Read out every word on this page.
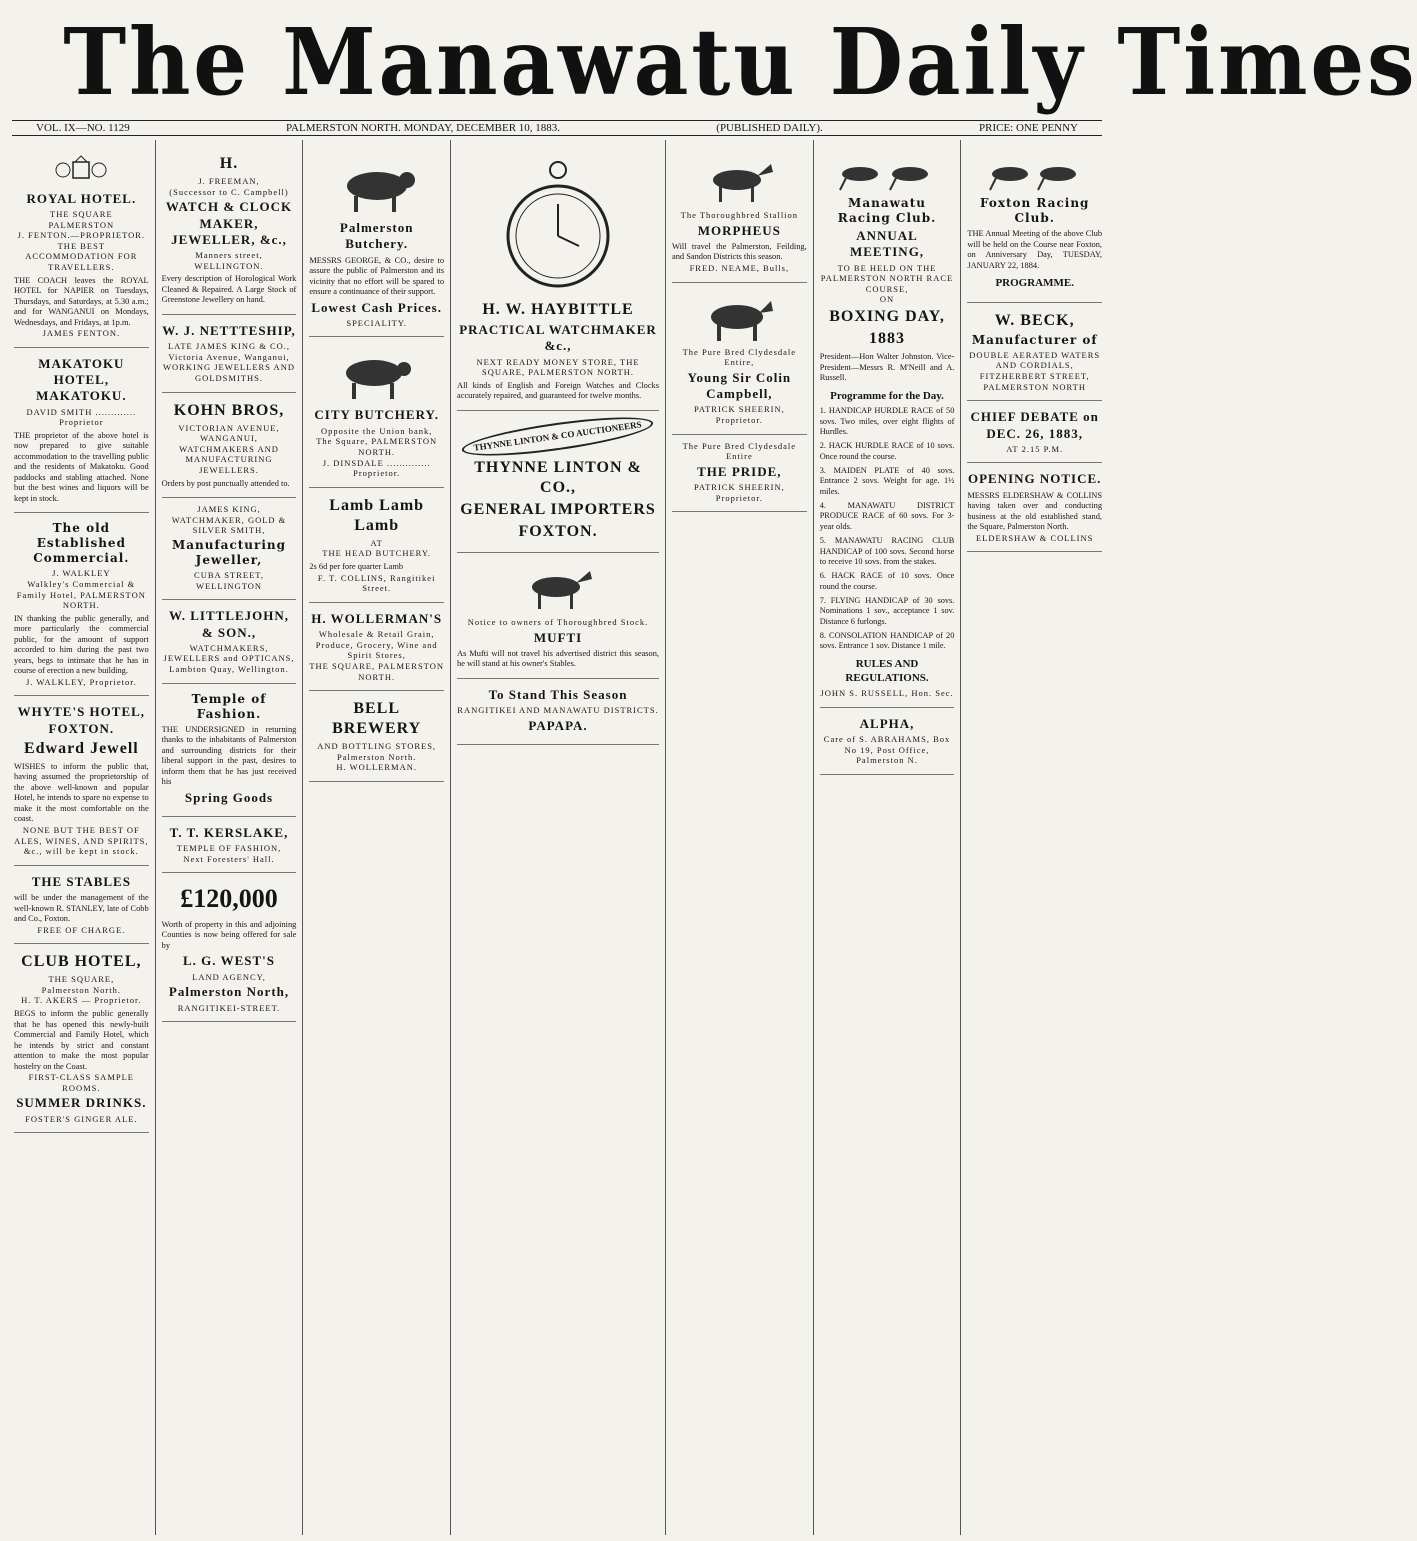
The Manawatu Daily Times
VOL. IX—NO. 1129	PALMERSTON NORTH. MONDAY, DECEMBER 10, 1883.	(PUBLISHED DAILY).	PRICE: ONE PENNY
ROYAL HOTEL.
THE SQUARE
PALMERSTON
J. FENTON.—PROPRIETOR.
THE BEST ACCOMMODATION FOR TRAVELLERS.
THE COACH leaves the ROYAL HOTEL for NAPIER on Tuesdays, Thursdays, and Saturdays, at 5.30 a.m.; and for WANGANUI on Mondays, Wednesdays, and Fridays, at 1p.m.
JAMES FENTON.
MAKATOKU HOTEL, MAKATOKU.
DAVID SMITH ............. Proprietor
THE proprietor of the above hotel is now prepared to give suitable accommodation to the travelling public and the residents of Makatoku. Good paddocks and stabling attached. None but the best wines and liquors will be kept in stock.
The old Established Commercial.
J. WALKLEY
Walkley's Commercial & Family Hotel, PALMERSTON NORTH.
IN thanking the public generally, and more particularly the commercial public, for the amount of support accorded to him during the past two years, begs to intimate that he has in course of erection a new building.
J. WALKLEY, Proprietor.
WHYTE'S HOTEL, FOXTON.
Edward Jewell
WISHES to inform the public that, having assumed the proprietorship of the above well-known and popular Hotel, he intends to spare no expense to make it the most comfortable on the coast.
NONE BUT THE BEST OF ALES, WINES, AND SPIRITS, &c., will be kept in stock.
THE STABLES
will be under the management of the well-known R. STANLEY, late of Cobb and Co., Foxton.
FREE OF CHARGE.
CLUB HOTEL,
THE SQUARE,
Palmerston North.
H. T. AKERS — Proprietor.
BEGS to inform the public generally that he has opened this newly-built Commercial and Family Hotel, which he intends by strict and constant attention to make the most popular hostelry on the Coast.
FIRST-CLASS SAMPLE ROOMS.
SUMMER DRINKS.
FOSTER'S GINGER ALE.
H.
J. FREEMAN,
(Successor to C. Campbell)
WATCH & CLOCK MAKER, JEWELLER, &c.,
Manners street, WELLINGTON.
Every description of Horological Work Cleaned & Repaired. A Large Stock of Greenstone Jewellery on hand.
W. J. NETTTESHIP,
LATE JAMES KING & CO.,
Victoria Avenue, Wanganui,
WORKING JEWELLERS AND GOLDSMITHS.
KOHN BROS,
VICTORIAN AVENUE, WANGANUI,
WATCHMAKERS AND MANUFACTURING JEWELLERS.
Orders by post punctually attended to.
JAMES KING, WATCHMAKER, GOLD & SILVER SMITH,
Manufacturing Jeweller,
CUBA STREET, WELLINGTON
W. LITTLEJOHN, & SON.,
WATCHMAKERS, JEWELLERS and OPTICANS,
Lambton Quay, Wellington.
Temple of Fashion.
THE UNDERSIGNED in returning thanks to the inhabitants of Palmerston and surrounding districts for their liberal support in the past, desires to inform them that he has just received his
Spring Goods
T. T. KERSLAKE,
TEMPLE OF FASHION,
Next Foresters' Hall.
£120,000
Worth of property in this and adjoining Counties is now being offered for sale by
L. G. WEST'S
LAND AGENCY,
Palmerston North,
RANGITIKEI-STREET.
Palmerston Butchery.
MESSRS GEORGE, & CO., desire to assure the public of Palmerston and its vicinity that no effort will be spared to ensure a continuance of their support.
Lowest Cash Prices.
SPECIALITY.
CITY BUTCHERY.
Opposite the Union bank,
The Square, PALMERSTON NORTH.
J. DINSDALE .............. Proprietor.
Lamb Lamb Lamb
AT
THE HEAD BUTCHERY.
2s 6d per fore quarter Lamb
F. T. COLLINS, Rangitikei Street.
H. WOLLERMAN'S
Wholesale & Retail Grain, Produce, Grocery, Wine and Spirit Stores,
THE SQUARE, PALMERSTON NORTH.
BELL BREWERY
AND BOTTLING STORES, Palmerston North.
H. WOLLERMAN.
H. W. HAYBITTLE
PRACTICAL WATCHMAKER &c.,
NEXT READY MONEY STORE, THE SQUARE, PALMERSTON NORTH.
All kinds of English and Foreign Watches and Clocks accurately repaired, and guaranteed for twelve months.
THYNNE LINTON & CO AUCTIONEERS
THYNNE LINTON & CO.,
GENERAL IMPORTERS
FOXTON.
Notice to owners of Thoroughbred Stock.
MUFTI
As Mufti will not travel his advertised district this season, he will stand at his owner's Stables.
To Stand This Season
RANGITIKEI AND MANAWATU DISTRICTS.
PAPAPA.
The Thoroughbred Stallion
MORPHEUS
Will travel the Palmerston, Feilding, and Sandon Districts this season.
FRED. NEAME, Bulls,
The Pure Bred Clydesdale Entire,
Young Sir Colin Campbell,
PATRICK SHEERIN, Proprietor.
The Pure Bred Clydesdale Entire
THE PRIDE,
PATRICK SHEERIN, Proprietor.
Manawatu Racing Club.
ANNUAL MEETING,
TO BE HELD ON THE PALMERSTON NORTH RACE COURSE,
ON
BOXING DAY,
1883
President—Hon Walter Johnston. Vice-President—Messrs R. M'Neill and A. Russell.
Programme for the Day.

1. HANDICAP HURDLE RACE of 50 sovs. Two miles, over eight flights of Hurdles.

2. HACK HURDLE RACE of 10 sovs. Once round the course.

3. MAIDEN PLATE of 40 sovs. Entrance 2 sovs. Weight for age. 1½ miles.

4. MANAWATU DISTRICT PRODUCE RACE of 60 sovs. For 3-year olds.

5. MANAWATU RACING CLUB HANDICAP of 100 sovs. Second horse to receive 10 sovs. from the stakes.

6. HACK RACE of 10 sovs. Once round the course.

7. FLYING HANDICAP of 30 sovs. Nominations 1 sov., acceptance 1 sov. Distance 6 furlongs.

8. CONSOLATION HANDICAP of 20 sovs. Entrance 1 sov. Distance 1 mile.

RULES AND REGULATIONS.
JOHN S. RUSSELL, Hon. Sec.
ALPHA,
Care of S. ABRAHAMS, Box No 19, Post Office, Palmerston N.
Foxton Racing Club.
THE Annual Meeting of the above Club will be held on the Course near Foxton, on Anniversary Day, TUESDAY, JANUARY 22, 1884.
PROGRAMME.
W. BECK,
Manufacturer of
DOUBLE AERATED WATERS AND CORDIALS,
FITZHERBERT STREET, PALMERSTON NORTH
CHIEF DEBATE on DEC. 26, 1883,
AT 2.15 P.M.
OPENING NOTICE.
MESSRS ELDERSHAW & COLLINS having taken over and conducting business at the old established stand, the Square, Palmerston North.
ELDERSHAW & COLLINS
